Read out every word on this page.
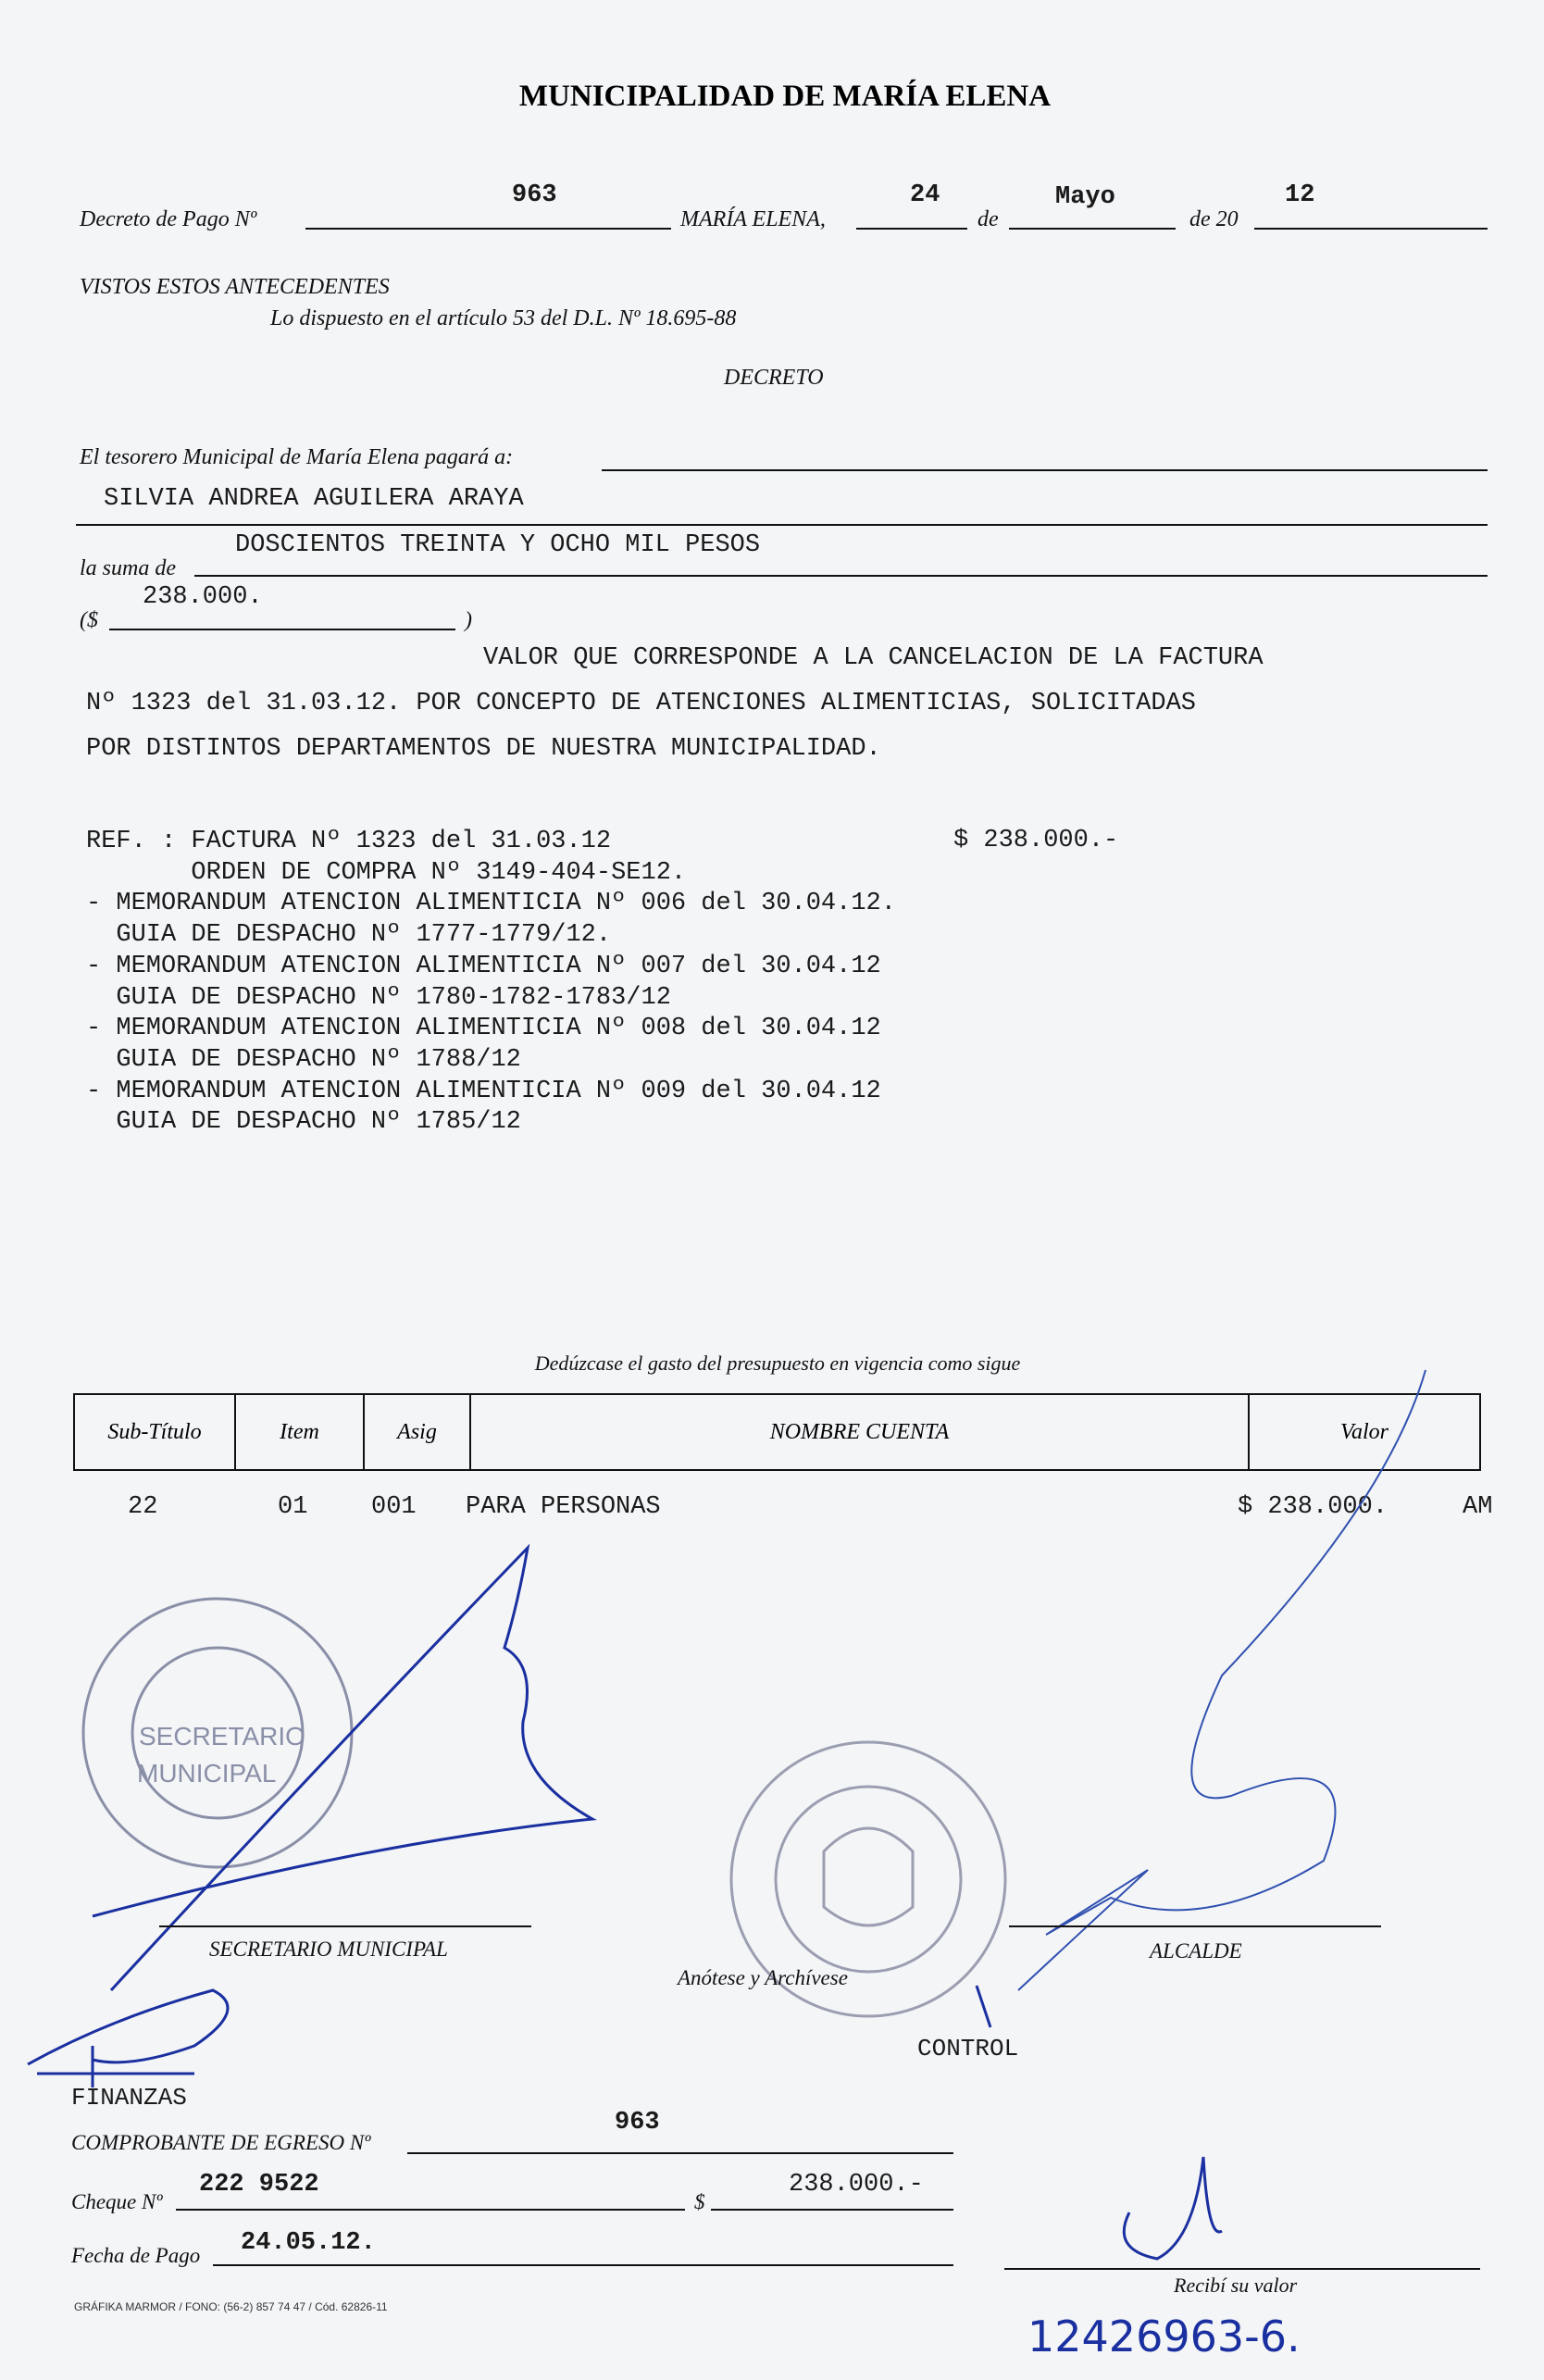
MUNICIPALIDAD DE MARÍA ELENA
Decreto de Pago Nº
963
MARÍA ELENA,
24
de
Mayo
de 20
12
VISTOS ESTOS ANTECEDENTES
Lo dispuesto en el artículo 53 del D.L. Nº 18.695-88
DECRETO
El tesorero Municipal de María Elena pagará a:
SILVIA ANDREA AGUILERA ARAYA
DOSCIENTOS TREINTA Y OCHO MIL PESOS
la suma de
238.000.
($	)
VALOR QUE CORRESPONDE A LA CANCELACION DE LA FACTURA
Nº 1323 del 31.03.12. POR CONCEPTO DE ATENCIONES ALIMENTICIAS, SOLICITADAS
POR DISTINTOS DEPARTAMENTOS DE NUESTRA MUNICIPALIDAD.
REF. : FACTURA Nº 1323 del 31.03.12
ORDEN DE COMPRA Nº 3149-404-SE12.
- MEMORANDUM ATENCION ALIMENTICIA Nº 006 del 30.04.12.
GUIA DE DESPACHO Nº 1777-1779/12.
- MEMORANDUM ATENCION ALIMENTICIA Nº 007 del 30.04.12
GUIA DE DESPACHO Nº 1780-1782-1783/12
- MEMORANDUM ATENCION ALIMENTICIA Nº 008 del 30.04.12
GUIA DE DESPACHO Nº 1788/12
- MEMORANDUM ATENCION ALIMENTICIA Nº 009 del 30.04.12
GUIA DE DESPACHO Nº 1785/12
$ 238.000.-
Dedúzcase el gasto del presupuesto en vigencia como sigue
Sub-Título	Item	Asig	NOMBRE CUENTA	Valor
22	01	001 PARA PERSONAS	$ 238.000.	AM
SECRETARIO
MUNICIPAL
SECRETARIO MUNICIPAL	ALCALDE
Anótese y Archívese
CONTROL
FINANZAS
COMPROBANTE DE EGRESO Nº
963
Cheque Nº
222 9522
$
238.000.-
Fecha de Pago 24.05.12.
Recibí su valor
12426963-6.
GRÁFIKA MARMOR / FONO: (56-2) 857 74 47 / Cód. 62826-11
